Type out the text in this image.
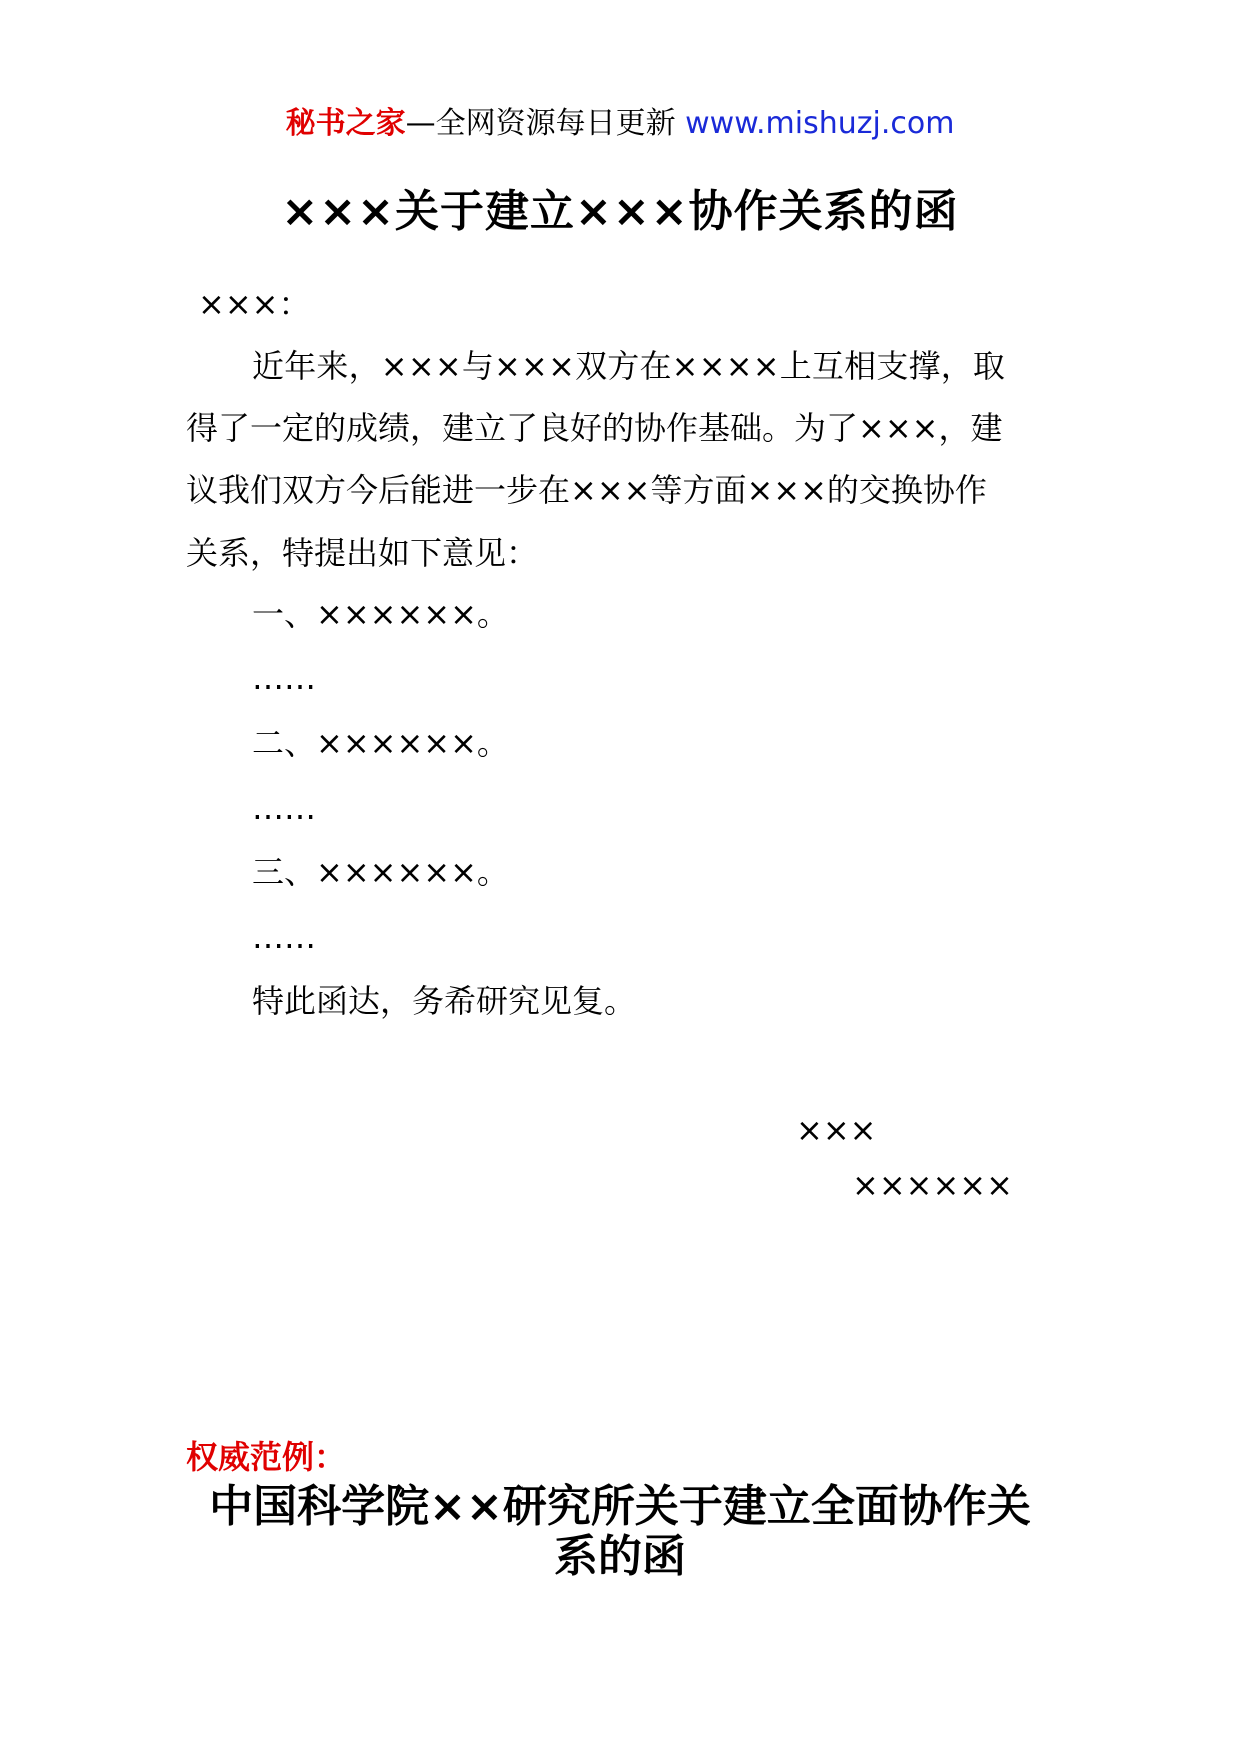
秘书之家—全网资源每日更新 www.mishuzj.com
×××关于建立×××协作关系的函
×××：
近年来，×××与×××双方在××××上互相支撑，取
得了一定的成绩，建立了良好的协作基础。为了×××，建
议我们双方今后能进一步在×××等方面×××的交换协作
关系，特提出如下意见：
一、××××××。
……
二、××××××。
……
三、××××××。
……
特此函达，务希研究见复。
×××
××××××
权威范例：
中国科学院××研究所关于建立全面协作关系的函
